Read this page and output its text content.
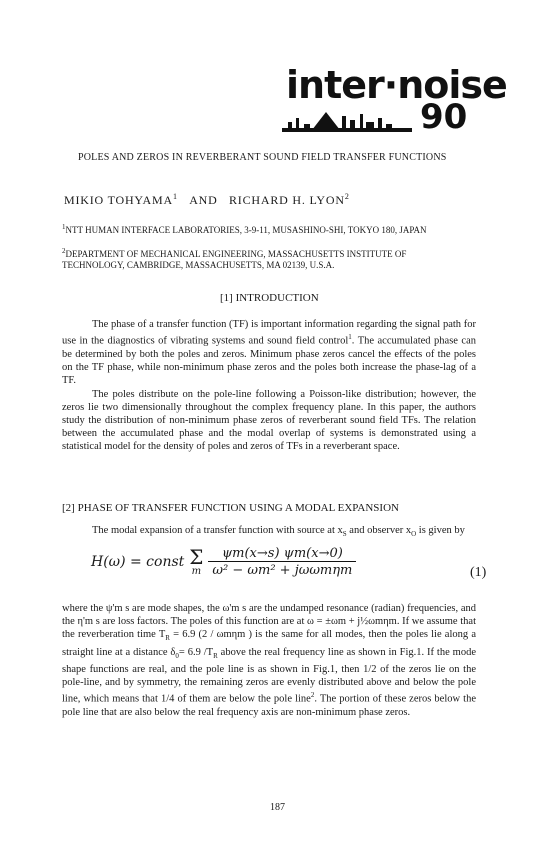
inter·noise
90
POLES AND ZEROS IN REVERBERANT SOUND FIELD TRANSFER FUNCTIONS
MIKIO TOHYAMA$^1$ AND RICHARD H. LYON$^2$
$^1$NTT HUMAN INTERFACE LABORATORIES, 3-9-11, MUSASHINO-SHI, TOKYO 180, JAPAN
$^2$DEPARTMENT OF MECHANICAL ENGINEERING, MASSACHUSETTS INSTITUTE OF TECHNOLOGY, CAMBRIDGE, MASSACHUSETTS, MA 02139, U.S.A.
[1] INTRODUCTION

The phase of a transfer function (TF) is important information regarding the signal path for use in the diagnostics of vibrating systems and sound field control$^1$. The accumulated phase can be determined by both the poles and zeros. Minimum phase zeros cancel the effects of the poles on the TF phase, while non-minimum phase zeros and the poles both increase the phase-lag of a TF.

The poles distribute on the pole-line following a Poisson-like distribution; however, the zeros lie two dimensionally throughout the complex frequency plane. In this paper, the authors study the distribution of non-minimum phase zeros of reverberant sound field TFs. The relation between the accumulated phase and the modal overlap of systems is demonstrated using a statistical model for the density of poles and zeros of TFs in a reverberant space.

[2] PHASE OF TRANSFER FUNCTION USING A MODAL EXPANSION

The modal expansion of a transfer function with source at $x_S$ and observer $x_O$ is given by

H(ω) = const	Σ
m

ψm(x→s) ψm(x→0)
ω² − ωm² + jωωmηm	(1)

where the ψ'm s are mode shapes, the ω'm s are the undamped resonance (radian) frequencies, and the η'm s are loss factors. The poles of this function are at ω = ±ωm + j½ωmηm. If we assume that the reverberation time $T_R = 6.9$ (2 / ωmηm ) is the same for all modes, then the poles lie along a straight line at a distance $\delta_0= 6.9$ $/T_R$ above the real frequency line as shown in Fig.1. If the mode shape functions are real, and the pole line is as shown in Fig.1, then 1/2 of the zeros lie on the pole-line, and by symmetry, the remaining zeros are evenly distributed above and below the pole line, which means that 1/4 of them are below the pole line$^2$. The portion of these zeros below the pole line that are also below the real frequency axis are non-minimum phase zeros.

187
